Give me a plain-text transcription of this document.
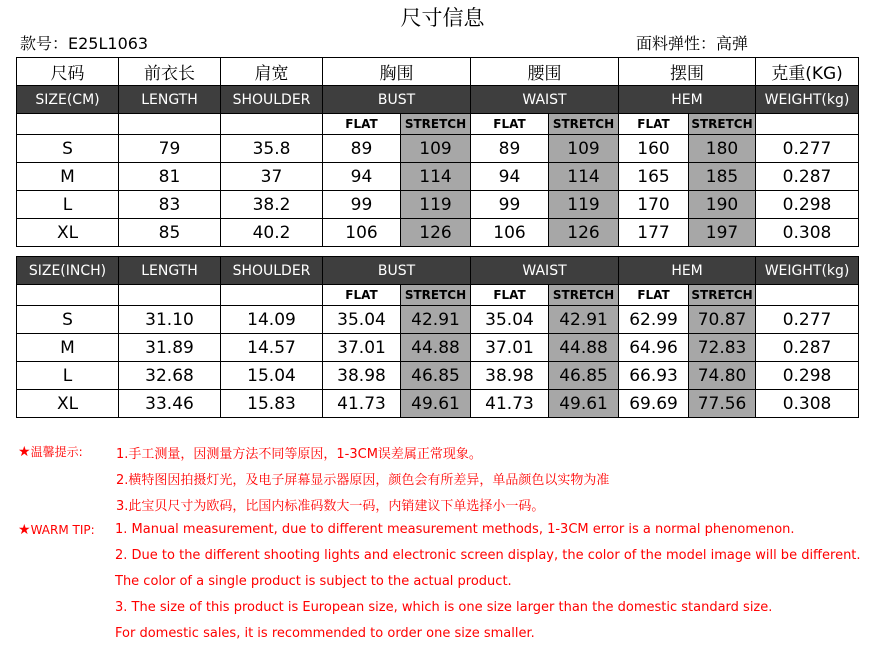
尺寸信息
款号：E25L1063	面料弹性：高弹
尺码	前衣长	肩宽	胸围		腰围		摆围		克重(KG)
SIZE(CM)	LENGTH	SHOULDER	BUST		WAIST		HEM		WEIGHT(kg)
			FLAT	STRETCH	FLAT	STRETCH	FLAT	STRETCH	
S	79	35.8	89	109	89	109	160	180	0.277
M	81	37	94	114	94	114	165	185	0.287
L	83	38.2	99	119	99	119	170	190	0.298
XL	85	40.2	106	126	106	126	177	197	0.308
SIZE(INCH)	LENGTH	SHOULDER	BUST		WAIST		HEM		WEIGHT(kg)
			FLAT	STRETCH	FLAT	STRETCH	FLAT	STRETCH	
S	31.10	14.09	35.04	42.91	35.04	42.91	62.99	70.87	0.277
M	31.89	14.57	37.01	44.88	37.01	44.88	64.96	72.83	0.287
L	32.68	15.04	38.98	46.85	38.98	46.85	66.93	74.80	0.298
XL	33.46	15.83	41.73	49.61	41.73	49.61	69.69	77.56	0.308
★温馨提示:	1.手工测量，因测量方法不同等原因，1-3CM误差属正常现象。
2.横特图因拍摄灯光，及电子屏幕显示器原因，颜色会有所差异，单品颜色以实物为准
3.此宝贝尺寸为欧码，比国内标准码数大一码，内销建议下单选择小一码。
★WARM TIP: 1. Manual measurement, due to different measurement methods, 1-3CM error is a normal phenomenon.
2. Due to the different shooting lights and electronic screen display, the color of the model image will be different.
The color of a single product is subject to the actual product.
3. The size of this product is European size, which is one size larger than the domestic standard size.
For domestic sales, it is recommended to order one size smaller.
